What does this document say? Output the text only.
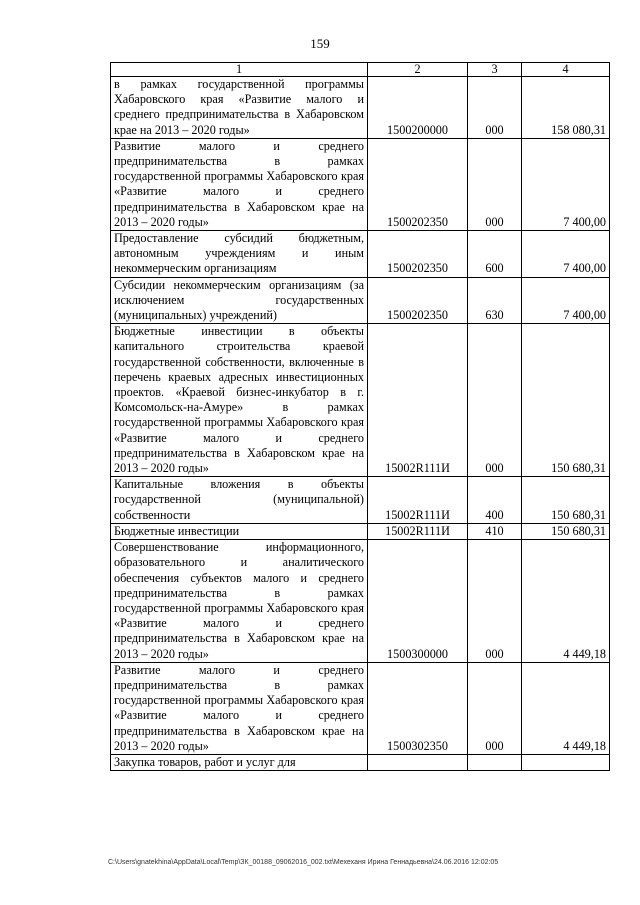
159
1	2	3	4
в рамках государственной программы Хабаровского края «Развитие малого и среднего предпринимательства в Хабаровском крае на 2013 – 2020 годы»	1500200000	000	158 080,31
Развитие малого и среднего предпринимательства в рамках государственной программы Хабаровского края «Развитие малого и среднего предпринимательства в Хабаровском крае на 2013 – 2020 годы»	1500202350	000	7 400,00
Предоставление субсидий бюджетным, автономным учреждениям и иным некоммерческим организациям	1500202350	600	7 400,00
Субсидии некоммерческим организациям (за исключением государственных (муниципальных) учреждений)	1500202350	630	7 400,00
Бюджетные инвестиции в объекты капитального строительства краевой государственной собственности, включенные в перечень краевых адресных инвестиционных проектов. «Краевой бизнес-инкубатор в г. Комсомольск-на-Амуре» в рамках государственной программы Хабаровского края «Развитие малого и среднего предпринимательства в Хабаровском крае на 2013 – 2020 годы»	15002R111И	000	150 680,31
Капитальные вложения в объекты государственной (муниципальной) собственности	15002R111И	400	150 680,31
Бюджетные инвестиции	15002R111И	410	150 680,31
Совершенствование информационного, образовательного и аналитического обеспечения субъектов малого и среднего предпринимательства в рамках государственной программы Хабаровского края «Развитие малого и среднего предпринимательства в Хабаровском крае на 2013 – 2020 годы»	1500300000	000	4 449,18
Развитие малого и среднего предпринимательства в рамках государственной программы Хабаровского края «Развитие малого и среднего предпринимательства в Хабаровском крае на 2013 – 2020 годы»	1500302350	000	4 449,18
Закупка товаров, работ и услуг для			
C:\Users\gnatekhina\AppData\Local\Temp\ЗК_00188_09062016_002.txt\Мехеханя Ирина Геннадьевна\24.06.2016 12:02:05
